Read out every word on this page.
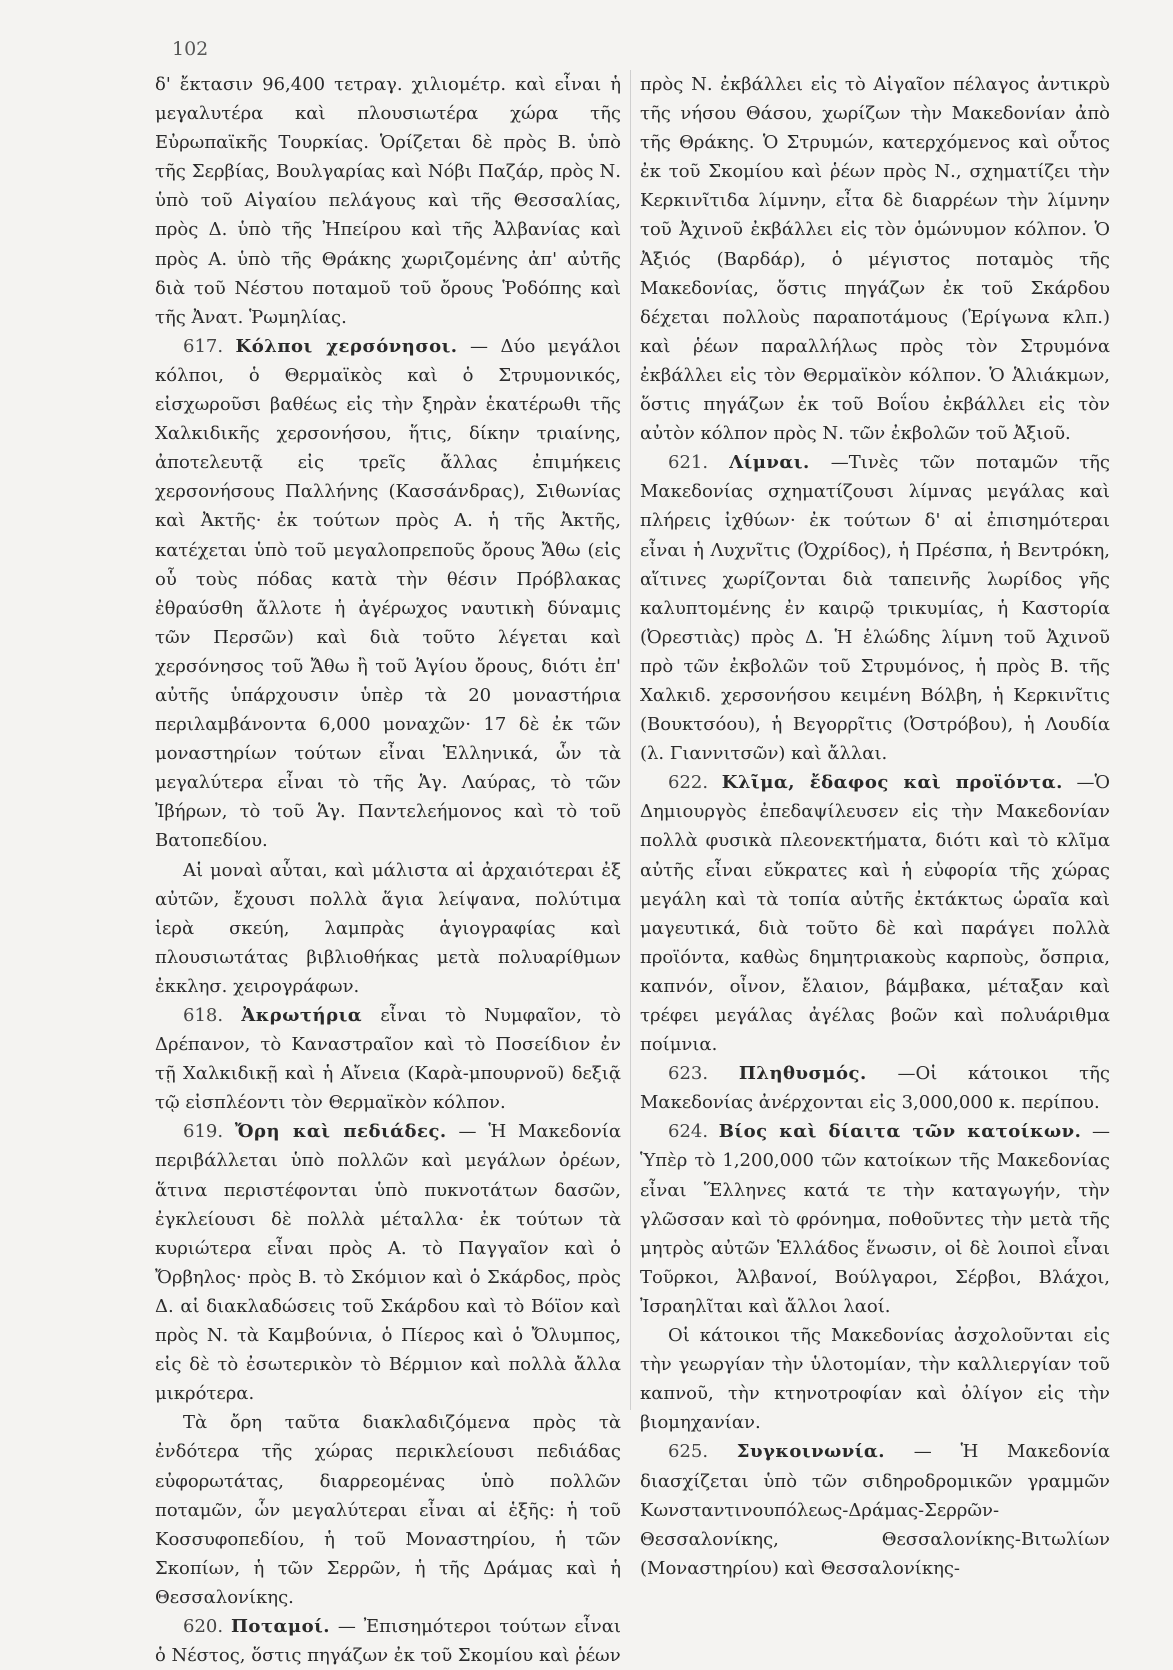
102

δ' ἔκτασιν 96,400 τετραγ. χιλιομέτρ. καὶ εἶναι ἡ μεγαλυτέρα καὶ πλουσιωτέρα χώρα τῆς Εὐρωπαϊκῆς Τουρκίας. Ὁρίζεται δὲ πρὸς Β. ὑπὸ τῆς Σερβίας, Βουλγαρίας καὶ Νόβι Παζάρ, πρὸς Ν. ὑπὸ τοῦ Αἰγαίου πελάγους καὶ τῆς Θεσσαλίας, πρὸς Δ. ὑπὸ τῆς Ἠπείρου καὶ τῆς Ἀλβανίας καὶ πρὸς Α. ὑπὸ τῆς Θράκης χωριζομένης ἀπ' αὐτῆς διὰ τοῦ Νέστου ποταμοῦ τοῦ ὄρους Ῥοδόπης καὶ τῆς Ἀνατ. Ῥωμηλίας.

617. Κόλποι χερσόνησοι. — Δύο μεγάλοι κόλποι, ὁ Θερμαϊκὸς καὶ ὁ Στρυμονικός, εἰσχωροῦσι βαθέως εἰς τὴν ξηρὰν ἑκατέρωθι τῆς Χαλκιδικῆς χερσονήσου, ἥτις, δίκην τριαίνης, ἀποτελευτᾷ εἰς τρεῖς ἄλλας ἐπιμήκεις χερσονήσους Παλλήνης (Κασσάνδρας), Σιθωνίας καὶ Ἀκτῆς· ἐκ τούτων πρὸς Α. ἡ τῆς Ἀκτῆς, κατέχεται ὑπὸ τοῦ μεγαλοπρεποῦς ὄρους Ἄθω (εἰς οὗ τοὺς πόδας κατὰ τὴν θέσιν Πρόβλακας ἐθραύσθη ἄλλοτε ἡ ἀγέρωχος ναυτικὴ δύναμις τῶν Περσῶν) καὶ διὰ τοῦτο λέγεται καὶ χερσόνησος τοῦ Ἄθω ἢ τοῦ Ἁγίου ὄρους, διότι ἐπ' αὐτῆς ὑπάρχουσιν ὑπὲρ τὰ 20 μοναστήρια περιλαμβάνοντα 6,000 μοναχῶν· 17 δὲ ἐκ τῶν μοναστηρίων τούτων εἶναι Ἑλληνικά, ὧν τὰ μεγαλύτερα εἶναι τὸ τῆς Ἁγ. Λαύρας, τὸ τῶν Ἰβήρων, τὸ τοῦ Ἁγ. Παντελεήμονος καὶ τὸ τοῦ Βατοπεδίου.

Αἱ μοναὶ αὗται, καὶ μάλιστα αἱ ἀρχαιότεραι ἐξ αὐτῶν, ἔχουσι πολλὰ ἅγια λείψανα, πολύτιμα ἱερὰ σκεύη, λαμπρὰς ἁγιογραφίας καὶ πλουσιωτάτας βιβλιοθήκας μετὰ πολυαρίθμων ἐκκλησ. χειρογράφων.

618. Ἀκρωτήρια εἶναι τὸ Νυμφαῖον, τὸ Δρέπανον, τὸ Καναστραῖον καὶ τὸ Ποσείδιον ἐν τῇ Χαλκιδικῇ καὶ ἡ Αἴνεια (Καρὰ-μπουρνοῦ) δεξιᾷ τῷ εἰσπλέοντι τὸν Θερμαϊκὸν κόλπον.

619. Ὄρη καὶ πεδιάδες. — Ἡ Μακεδονία περιβάλλεται ὑπὸ πολλῶν καὶ μεγάλων ὀρέων, ἅτινα περιστέφονται ὑπὸ πυκνοτάτων δασῶν, ἐγκλείουσι δὲ πολλὰ μέταλλα· ἐκ τούτων τὰ κυριώτερα εἶναι πρὸς Α. τὸ Παγγαῖον καὶ ὁ Ὄρβηλος· πρὸς Β. τὸ Σκόμιον καὶ ὁ Σκάρδος, πρὸς Δ. αἱ διακλαδώσεις τοῦ Σκάρδου καὶ τὸ Βόϊον καὶ πρὸς Ν. τὰ Καμβούνια, ὁ Πίερος καὶ ὁ Ὄλυμπος, εἰς δὲ τὸ ἐσωτερικὸν τὸ Βέρμιον καὶ πολλὰ ἄλλα μικρότερα.

Τὰ ὄρη ταῦτα διακλαδιζόμενα πρὸς τὰ ἐνδότερα τῆς χώρας περικλείουσι πεδιάδας εὐφορωτάτας, διαρρεομένας ὑπὸ πολλῶν ποταμῶν, ὧν μεγαλύτεραι εἶναι αἱ ἑξῆς: ἡ τοῦ Κοσσυφοπεδίου, ἡ τοῦ Μοναστηρίου, ἡ τῶν Σκοπίων, ἡ τῶν Σερρῶν, ἡ τῆς Δράμας καὶ ἡ Θεσσαλονίκης.

620. Ποταμοί. — Ἐπισημότεροι τούτων εἶναι ὁ Νέστος, ὅστις πηγάζων ἐκ τοῦ Σκομίου καὶ ῥέων

πρὸς Ν. ἐκβάλλει εἰς τὸ Αἰγαῖον πέλαγος ἀντικρὺ τῆς νήσου Θάσου, χωρίζων τὴν Μακεδονίαν ἀπὸ τῆς Θράκης. Ὁ Στρυμών, κατερχόμενος καὶ οὗτος ἐκ τοῦ Σκομίου καὶ ῥέων πρὸς Ν., σχηματίζει τὴν Κερκινῖτιδα λίμνην, εἶτα δὲ διαρρέων τὴν λίμνην τοῦ Ἀχινοῦ ἐκβάλλει εἰς τὸν ὁμώνυμον κόλπον. Ὁ Ἀξιός (Βαρδάρ), ὁ μέγιστος ποταμὸς τῆς Μακεδονίας, ὅστις πηγάζων ἐκ τοῦ Σκάρδου δέχεται πολλοὺς παραποτάμους (Ἐρίγωνα κλπ.) καὶ ῥέων παραλλήλως πρὸς τὸν Στρυμόνα ἐκβάλλει εἰς τὸν Θερμαϊκὸν κόλπον. Ὁ Ἁλιάκμων, ὅστις πηγάζων ἐκ τοῦ Βοΐου ἐκβάλλει εἰς τὸν αὐτὸν κόλπον πρὸς Ν. τῶν ἐκβολῶν τοῦ Ἀξιοῦ.

621. Λίμναι. —Τινὲς τῶν ποταμῶν τῆς Μακεδονίας σχηματίζουσι λίμνας μεγάλας καὶ πλήρεις ἰχθύων· ἐκ τούτων δ' αἱ ἐπισημότεραι εἶναι ἡ Λυχνῖτις (Ὀχρίδος), ἡ Πρέσπα, ἡ Βεντρόκη, αἵτινες χωρίζονται διὰ ταπεινῆς λωρίδος γῆς καλυπτομένης ἐν καιρῷ τρικυμίας, ἡ Καστορία (Ὀρεστιὰς) πρὸς Δ. Ἡ ἑλώδης λίμνη τοῦ Ἀχινοῦ πρὸ τῶν ἐκβολῶν τοῦ Στρυμόνος, ἡ πρὸς Β. τῆς Χαλκιδ. χερσονήσου κειμένη Βόλβη, ἡ Κερκινῖτις (Βουκτσόου), ἡ Βεγορρῖτις (Ὀστρόβου), ἡ Λουδία (λ. Γιαννιτσῶν) καὶ ἄλλαι.

622. Κλῖμα, ἔδαφος καὶ προϊόντα. —Ὁ Δημιουργὸς ἐπεδαψίλευσεν εἰς τὴν Μακεδονίαν πολλὰ φυσικὰ πλεονεκτήματα, διότι καὶ τὸ κλῖμα αὐτῆς εἶναι εὔκρατες καὶ ἡ εὐφορία τῆς χώρας μεγάλη καὶ τὰ τοπία αὐτῆς ἐκτάκτως ὡραῖα καὶ μαγευτικά, διὰ τοῦτο δὲ καὶ παράγει πολλὰ προϊόντα, καθὼς δημητριακοὺς καρποὺς, ὄσπρια, καπνόν, οἶνον, ἔλαιον, βάμβακα, μέταξαν καὶ τρέφει μεγάλας ἀγέλας βοῶν καὶ πολυάριθμα ποίμνια.

623. Πληθυσμός. —Οἱ κάτοικοι τῆς Μακεδονίας ἀνέρχονται εἰς 3,000,000 κ. περίπου.

624. Βίος καὶ δίαιτα τῶν κατοίκων. — Ὑπὲρ τὸ 1,200,000 τῶν κατοίκων τῆς Μακεδονίας εἶναι Ἕλληνες κατά τε τὴν καταγωγήν, τὴν γλῶσσαν καὶ τὸ φρόνημα, ποθοῦντες τὴν μετὰ τῆς μητρὸς αὐτῶν Ἑλλάδος ἕνωσιν, οἱ δὲ λοιποὶ εἶναι Τοῦρκοι, Ἀλβανοί, Βούλγαροι, Σέρβοι, Βλάχοι, Ἰσραηλῖται καὶ ἄλλοι λαοί.

Οἱ κάτοικοι τῆς Μακεδονίας ἀσχολοῦνται εἰς τὴν γεωργίαν τὴν ὑλοτομίαν, τὴν καλλιεργίαν τοῦ καπνοῦ, τὴν κτηνοτροφίαν καὶ ὀλίγον εἰς τὴν βιομηχανίαν.

625. Συγκοινωνία. — Ἡ Μακεδονία διασχίζεται ὑπὸ τῶν σιδηροδρομικῶν γραμμῶν Κωνσταντινουπόλεως-Δράμας-Σερρῶν-Θεσσαλονίκης, Θεσσαλονίκης-Βιτωλίων (Μοναστηρίου) καὶ Θεσσαλονίκης-
